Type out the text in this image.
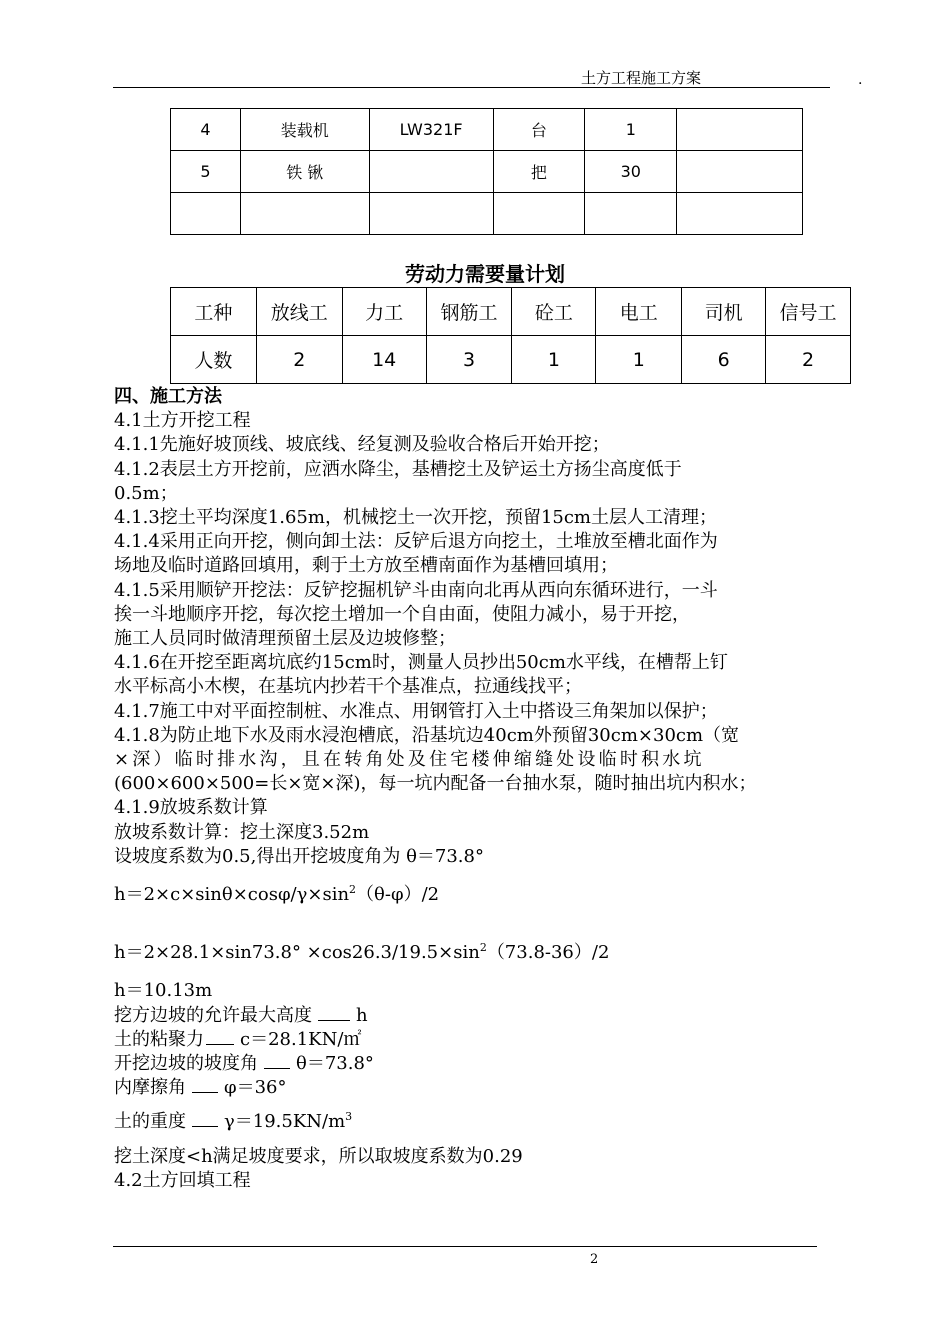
土方工程施工方案	.
4	装载机	LW321F	台	1	
5	铁 锹		把	30	

劳动力需要量计划
工种	放线工	力工	钢筋工	砼工	电工	司机	信号工
人数	2	14	3	1	1	6	2

四、施工方法

4.1土方开挖工程

4.1.1先施好坡顶线、坡底线、经复测及验收合格后开始开挖；

4.1.2表层土方开挖前，应洒水降尘，基槽挖土及铲运土方扬尘高度低于

0.5m；

4.1.3挖土平均深度1.65m，机械挖土一次开挖，预留15cm土层人工清理；

4.1.4采用正向开挖，侧向卸土法：反铲后退方向挖土，土堆放至槽北面作为

场地及临时道路回填用，剩于土方放至槽南面作为基槽回填用；

4.1.5采用顺铲开挖法：反铲挖掘机铲斗由南向北再从西向东循环进行，一斗

挨一斗地顺序开挖，每次挖土增加一个自由面，使阻力减小，易于开挖，

施工人员同时做清理预留土层及边坡修整；

4.1.6在开挖至距离坑底约15cm时，测量人员抄出50cm水平线，在槽帮上钉

水平标高小木楔，在基坑内抄若干个基准点，拉通线找平；

4.1.7施工中对平面控制桩、水准点、用钢管打入土中搭设三角架加以保护；

4.1.8为防止地下水及雨水浸泡槽底，沿基坑边40cm外预留30cm×30cm（宽

×深）临时排水沟，且在转角处及住宅楼伸缩缝处设临时积水坑

(600×600×500=长×宽×深)，每一坑内配备一台抽水泵，随时抽出坑内积水；

4.1.9放坡系数计算

放坡系数计算：挖土深度3.52m

设坡度系数为0.5,得出开挖坡度角为 θ＝73.8°

$h=2\times c\times\sin\theta\times\cos\varphi/\gamma\times\sin^2(\theta-\varphi)/2$

$h=2\times 28.1\times\sin 73.8^\circ \times\cos 26.3/19.5\times\sin^2(73.8-36)/2$

h＝10.13m

挖方边坡的允许最大高度 h

土的粘聚力 c＝28.1KN/㎡

开挖边坡的坡度角 θ＝73.8°

内摩擦角 φ＝36°

土的重度 $\gamma=19.5KN/m^3$

挖土深度<h满足坡度要求，所以取坡度系数为0.29

4.2土方回填工程

2
